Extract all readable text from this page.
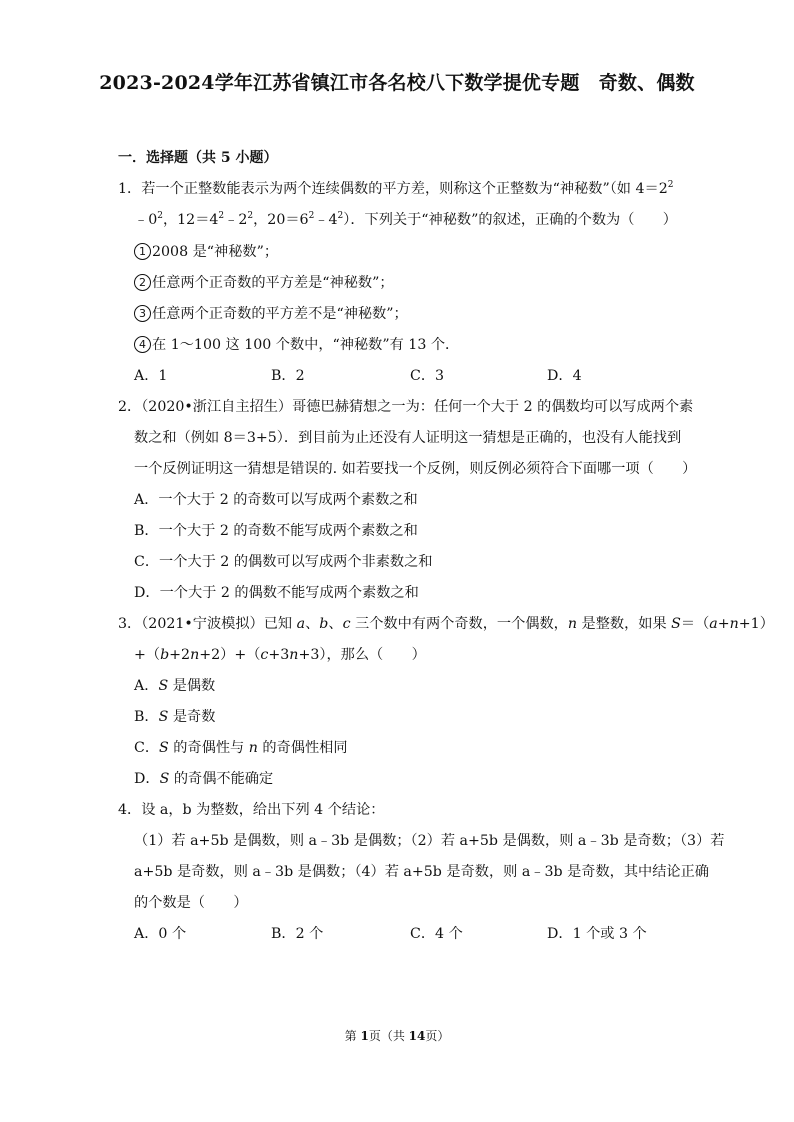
2023-2024学年江苏省镇江市各名校八下数学提优专题　奇数、偶数
一．选择题（共 5 小题）
1．若一个正整数能表示为两个连续偶数的平方差，则称这个正整数为“神秘数”（如 $4=2^2$
$﹣0^2$，$12=4^2﹣2^2$，$20=6^2﹣4^2$）．下列关于“神秘数”的叙述，正确的个数为（　　）
1 2008 是“神秘数”；
2 任意两个正奇数的平方差是“神秘数”；
3 任意两个正奇数的平方差不是“神秘数”；
4 在 1～100 这 100 个数中，“神秘数”有 13 个．
A．1	B．2	C．3	D．4
2．（2020•浙江自主招生）哥德巴赫猜想之一为：任何一个大于 2 的偶数均可以写成两个素
数之和（例如 8＝3+5）．到目前为止还没有人证明这一猜想是正确的，也没有人能找到
一个反例证明这一猜想是错误的. 如若要找一个反例，则反例必须符合下面哪一项（　　）
A．一个大于 2 的奇数可以写成两个素数之和
B．一个大于 2 的奇数不能写成两个素数之和
C．一个大于 2 的偶数可以写成两个非素数之和
D．一个大于 2 的偶数不能写成两个素数之和
3．（2021•宁波模拟）已知 a、b、c 三个数中有两个奇数，一个偶数，n 是整数，如果 S＝（a+n+1）
+（b+2n+2）+（c+3n+3），那么（　　）
A．S 是偶数
B．S 是奇数
C．S 的奇偶性与 n 的奇偶性相同
D．S 的奇偶不能确定
4．设 a，b 为整数，给出下列 4 个结论：
（1）若 a+5b 是偶数，则 a﹣3b 是偶数；（2）若 a+5b 是偶数，则 a﹣3b 是奇数；（3）若
a+5b 是奇数，则 a﹣3b 是偶数；（4）若 a+5b 是奇数，则 a﹣3b 是奇数，其中结论正确
的个数是（　　）
A．0 个	B．2 个	C．4 个	D．1 个或 3 个
第 1页（共 14页）
